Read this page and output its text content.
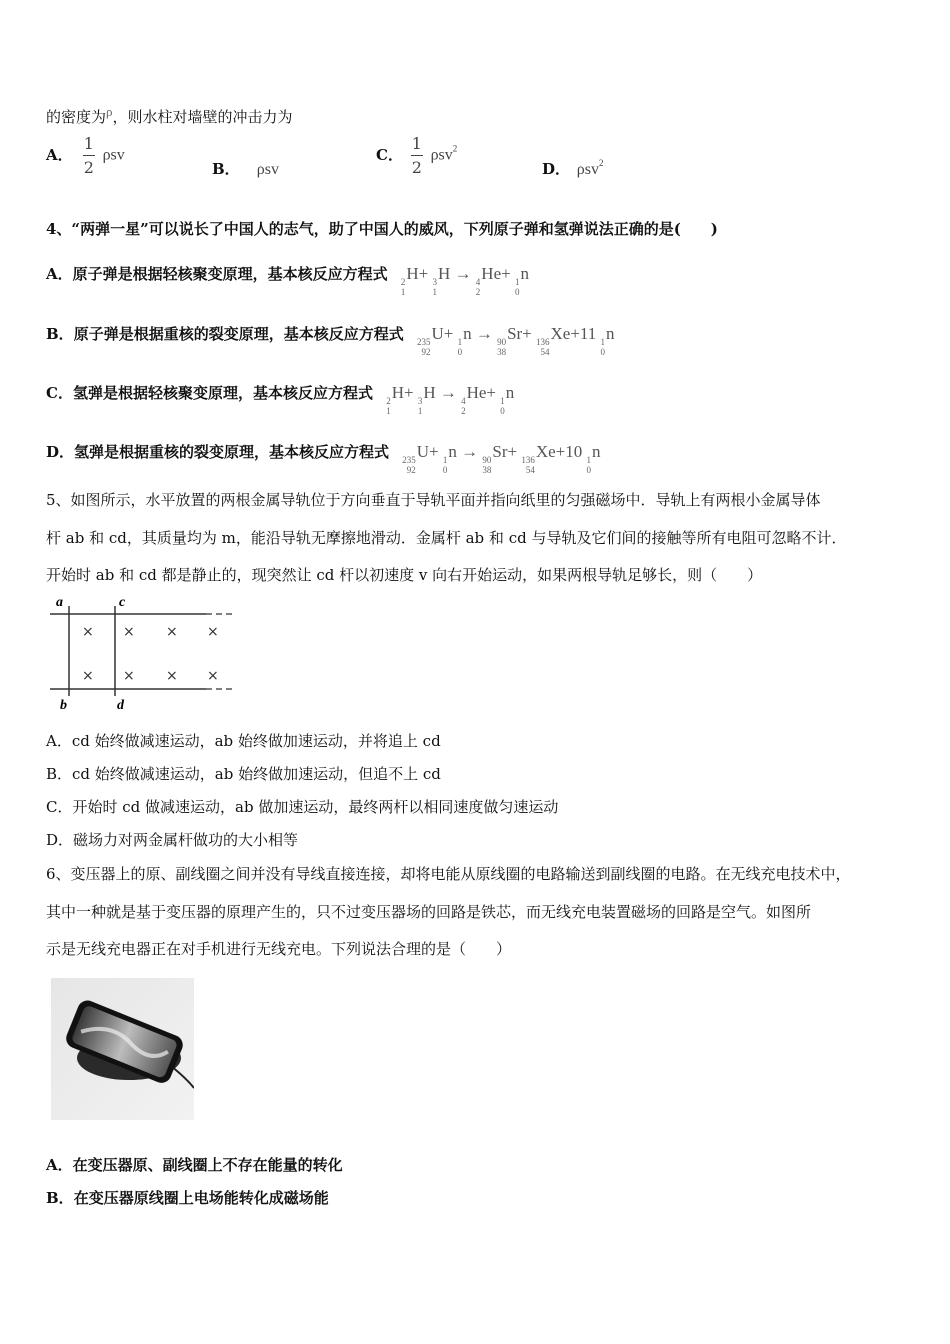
的密度为ρ，则水柱对墙壁的冲击力为
A． $\frac{1}{2}$ ρsv
B． ρsv
C． $\frac{1}{2} \rho sv^2$
D． ρsv$^2$
4、“两弹一星”可以说长了中国人的志气，助了中国人的威风，下列原子弹和氢弹说法正确的是(　　)
A．原子弹是根据轻核聚变原理，基本核反应方程式 2
1
H+ 3
1
H → 4
2
He+ 1
0
n
B．原子弹是根据重核的裂变原理，基本核反应方程式 235
92
U+ 1
0
n → 90
38
Sr+ 136
54
Xe+11 1
0
n
C．氢弹是根据轻核聚变原理，基本核反应方程式 2
1
H+ 3
1
H → 4
2
He+ 1
0
n
D．氢弹是根据重核的裂变原理，基本核反应方程式 235
92
U+ 1
0
n → 90
38
Sr+ 136
54
Xe+10 1
0
n
5、如图所示，水平放置的两根金属导轨位于方向垂直于导轨平面并指向纸里的匀强磁场中．导轨上有两根小金属导体
杆 ab 和 cd，其质量均为 m，能沿导轨无摩擦地滑动．金属杆 ab 和 cd 与导轨及它们间的接触等所有电阻可忽略不计．
开始时 ab 和 cd 都是静止的，现突然让 cd 杆以初速度 v 向右开始运动，如果两根导轨足够长，则（　　）
a	c
b	d
× × × ×
× × × ×
A．cd 始终做减速运动，ab 始终做加速运动，并将追上 cd
B．cd 始终做减速运动，ab 始终做加速运动，但追不上 cd
C．开始时 cd 做减速运动，ab 做加速运动，最终两杆以相同速度做匀速运动
D．磁场力对两金属杆做功的大小相等
6、变压器上的原、副线圈之间并没有导线直接连接，却将电能从原线圈的电路输送到副线圈的电路。在无线充电技术中，
其中一种就是基于变压器的原理产生的，只不过变压器场的回路是铁芯，而无线充电装置磁场的回路是空气。如图所
示是无线充电器正在对手机进行无线充电。下列说法合理的是（　　）
A．在变压器原、副线圈上不存在能量的转化
B．在变压器原线圈上电场能转化成磁场能
